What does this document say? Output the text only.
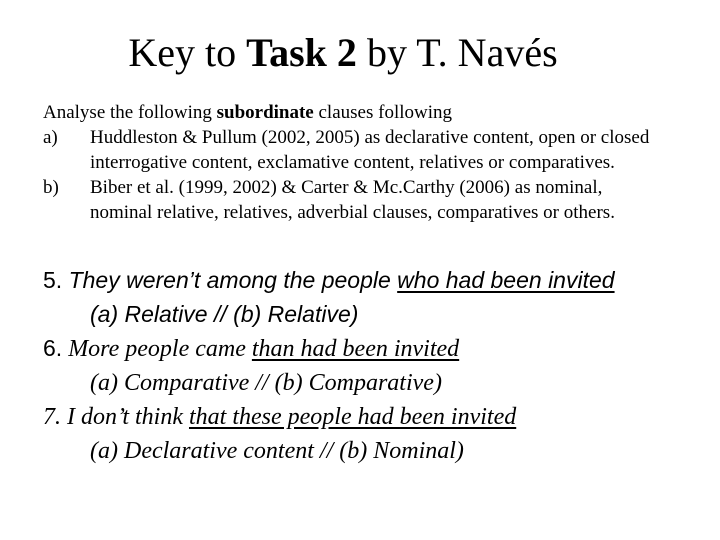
Key to Task 2 by T. Navés
Analyse the following subordinate clauses following
a) Huddleston & Pullum (2002, 2005) as declarative content, open or closed
interrogative content, exclamative content, relatives or comparatives.
b) Biber et al. (1999, 2002) & Carter & Mc.Carthy (2006) as nominal,
nominal relative, relatives, adverbial clauses, comparatives or others.
5. They weren’t among the people who had been invited
(a) Relative // (b) Relative)
6. More people came than had been invited
(a) Comparative // (b) Comparative)
7. I don’t think that these people had been invited
(a) Declarative content // (b) Nominal)
